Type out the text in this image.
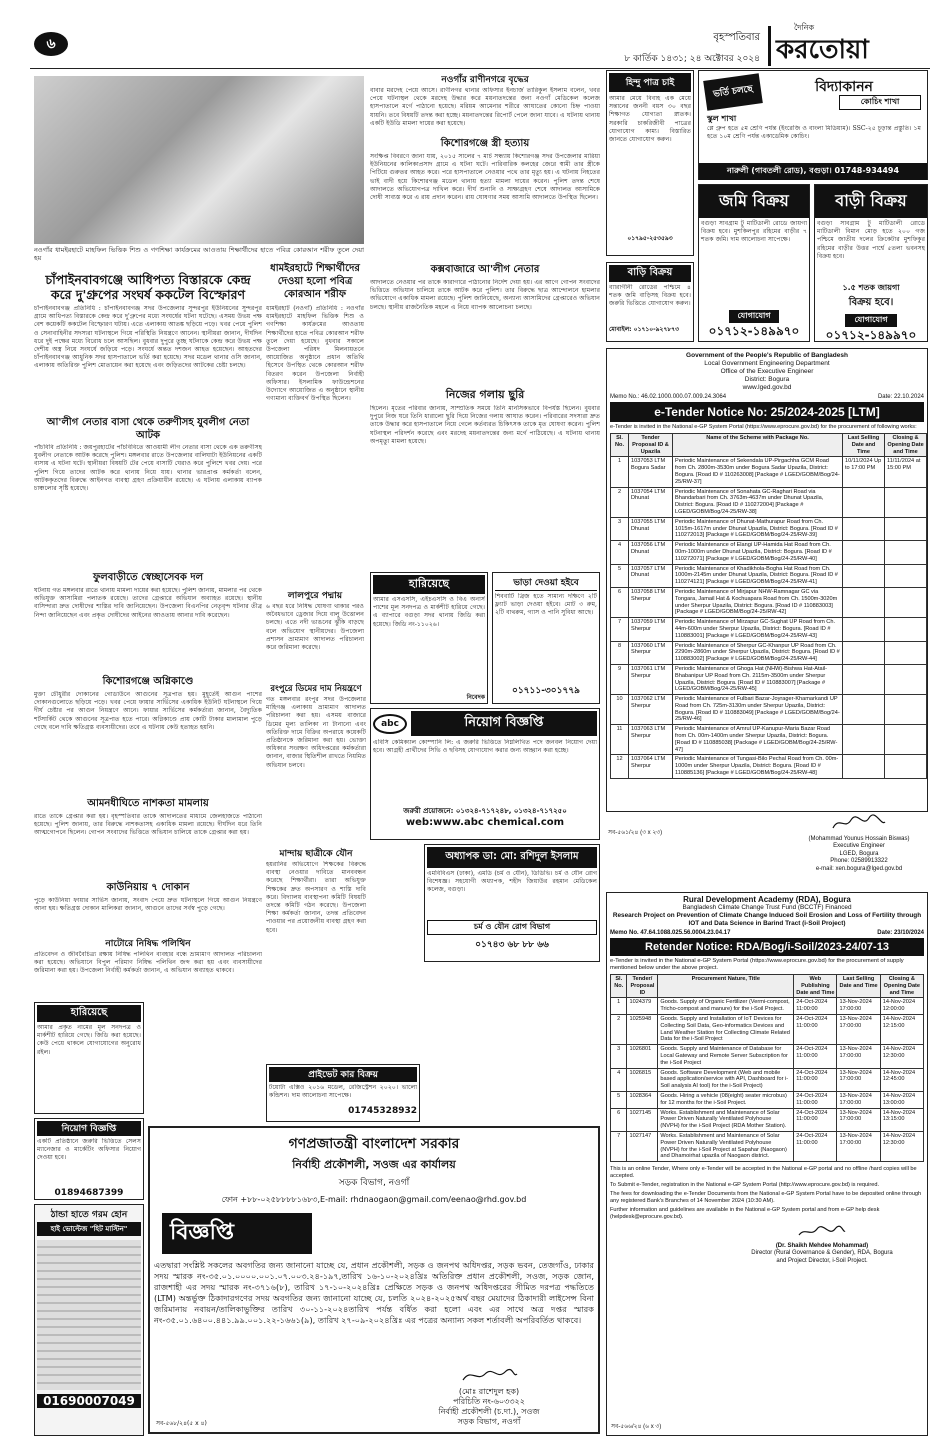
৬	বৃহস্পতিবার
৮ কার্তিক ১৪৩১; ২৪ অক্টোবর ২০২৪
দৈনিক
করতোয়া
নওগাঁর ধামইরহাটে মাহফিল ভিত্তিক শিশু ও গণশিক্ষা কার্যক্রমের আওতায় শিক্ষার্থীদের হাতে পবিত্র কোরআন শরীফ তুলে দেয়া হয়
নওগাঁর রাণীনগরে বৃদ্ধের
বাবার মরদেহ পেয়ে আসে। রাণীনগর থানার অফিসার ইনচার্জ তারিকুল ইসলাম বলেন, খবর পেয়ে ঘটনাস্থল থেকে মরদেহ উদ্ধার করে ময়নাতদন্তের জন্য নওগাঁ মেডিকেল কলেজ হাসপাতালে মর্গে পাঠানো হয়েছে। মরিয়ম আমেনার শরীরে আঘাতের কোনো চিহ্ন পাওয়া যায়নি। তবে বিষয়টি তদন্ত করা হচ্ছে। ময়নাতদন্তের রিপোর্ট পেলে জানা যাবে। এ ঘটনায় থানায় একটি ইউডি মামলা দায়ের করা হয়েছে।
কিশোরগঞ্জে স্ত্রী হত্যায়
সংক্ষিপ্ত বিবরণে জানা যায়, ২০১৫ সালের ৭ মার্চ সন্ধ্যায় কিশোরগঞ্জ সদর উপজেলার মারিয়া ইউনিয়নের কালিকাপ্রসাদ গ্রামে এ ঘটনা ঘটে। পারিবারিক কলহের জেরে স্বামী তার স্ত্রীকে পিটিয়ে গুরুতর আহত করে। পরে হাসপাতালে নেওয়ার পথে তার মৃত্যু হয়। এ ঘটনায় নিহতের ভাই বাদী হয়ে কিশোরগঞ্জ মডেল থানায় হত্যা মামলা দায়ের করেন। পুলিশ তদন্ত শেষে আদালতে অভিযোগপত্র দাখিল করে। দীর্ঘ শুনানি ও সাক্ষ্যগ্রহণ শেষে আদালত আসামিকে দোষী সাব্যস্ত করে এ রায় প্রদান করেন। রায় ঘোষণার সময় আসামি আদালতে উপস্থিত ছিলেন।
চাঁপাইনবাবগঞ্জে আধিপত্য বিস্তারকে কেন্দ্র করে দু'গ্রুপের সংঘর্ষ ককটেল বিস্ফোরণ
চাঁপাইনবাবগঞ্জ প্রতিনিধি : চাঁপাইনবাবগঞ্জ সদর উপজেলার সুন্দরপুর ইউনিয়নের সুন্দরপুর গ্রামে আধিপত্য বিস্তারকে কেন্দ্র করে দু'গ্রুপের মধ্যে সংঘর্ষের ঘটনা ঘটেছে। এসময় উভয় পক্ষ বেশ কয়েকটি ককটেল বিস্ফোরণ ঘটায়। এতে এলাকায় আতঙ্ক ছড়িয়ে পড়ে। খবর পেয়ে পুলিশ ও সেনাবাহিনীর সদস্যরা ঘটনাস্থলে গিয়ে পরিস্থিতি নিয়ন্ত্রণে আনেন। স্থানীয়রা জানান, দীর্ঘদিন ধরে দুই পক্ষের মধ্যে বিরোধ চলে আসছিল। বুধবার দুপুরে তুচ্ছ ঘটনাকে কেন্দ্র করে উভয় পক্ষ দেশীয় অস্ত্র নিয়ে সংঘর্ষে জড়িয়ে পড়ে। সংঘর্ষে অন্তত দশজন আহত হয়েছেন। আহতদের চাঁপাইনবাবগঞ্জ আধুনিক সদর হাসপাতালে ভর্তি করা হয়েছে। সদর মডেল থানার ওসি জানান, এলাকায় অতিরিক্ত পুলিশ মোতায়েন করা হয়েছে এবং জড়িতদের আটকের চেষ্টা চলছে।
ধামইরহাটে শিক্ষার্থীদের দেওয়া হলো পবিত্র কোরআন শরীফ
ধামইরহাট (নওগাঁ) প্রতিনিধি : নওগাঁর ধামইরহাটে মাহফিল ভিত্তিক শিশু ও গণশিক্ষা কার্যক্রমের আওতায় শিক্ষার্থীদের হাতে পবিত্র কোরআন শরীফ তুলে দেয়া হয়েছে। বুধবার সকালে উপজেলা পরিষদ মিলনায়তনে আয়োজিত অনুষ্ঠানে প্রধান অতিথি হিসেবে উপস্থিত থেকে কোরআন শরীফ বিতরণ করেন উপজেলা নির্বাহী অফিসার। ইসলামিক ফাউন্ডেশনের উদ্যোগে আয়োজিত এ অনুষ্ঠানে স্থানীয় গণ্যমান্য ব্যক্তিবর্গ উপস্থিত ছিলেন।
কক্সবাজারে আ'লীগ নেতার
আদালতে নেওয়ার পর তাকে কারাগারে পাঠানোর নির্দেশ দেয়া হয়। এর আগে গোপন সংবাদের ভিত্তিতে অভিযান চালিয়ে তাকে আটক করে পুলিশ। তার বিরুদ্ধে ছাত্র আন্দোলনে হামলার অভিযোগে একাধিক মামলা রয়েছে। পুলিশ জানিয়েছে, অন্যান্য আসামিদের গ্রেপ্তারেও অভিযান চলছে। স্থানীয় রাজনৈতিক মহলে এ নিয়ে ব্যাপক আলোচনা চলছে।
আ'লীগ নেতার বাসা থেকে তরুণীসহ যুবলীগ নেতা আটক
পাঁচবিবি প্রতিনিধি : জয়পুরহাটের পাঁচবিবিতে আওয়ামী লীগ নেতার বাসা থেকে এক তরুণীসহ যুবলীগ নেতাকে আটক করেছে পুলিশ। মঙ্গলবার রাতে উপজেলার বালিঘাটা ইউনিয়নের একটি বাসায় এ ঘটনা ঘটে। স্থানীয়রা বিষয়টি টের পেয়ে বাসাটি ঘেরাও করে পুলিশে খবর দেয়। পরে পুলিশ গিয়ে তাদের আটক করে থানায় নিয়ে যায়। থানার ভারপ্রাপ্ত কর্মকর্তা বলেন, আটককৃতদের বিরুদ্ধে আইনগত ব্যবস্থা গ্রহণ প্রক্রিয়াধীন রয়েছে। এ ঘটনায় এলাকায় ব্যাপক চাঞ্চল্যের সৃষ্টি হয়েছে।
নিজের গলায় ছুরি
ছিলেন। মৃতের পরিবার জানায়, সাম্প্রতিক সময়ে তিনি মানসিকভাবে বিপর্যস্ত ছিলেন। বুধবার দুপুরে নিজ ঘরে তিনি ধারালো ছুরি দিয়ে নিজের গলায় আঘাত করেন। পরিবারের সদস্যরা দ্রুত তাকে উদ্ধার করে হাসপাতালে নিয়ে গেলে কর্তব্যরত চিকিৎসক তাকে মৃত ঘোষণা করেন। পুলিশ ঘটনাস্থল পরিদর্শন করেছে এবং মরদেহ ময়নাতদন্তের জন্য মর্গে পাঠিয়েছে। এ ঘটনায় থানায় অপমৃত্যু মামলা হয়েছে।
ফুলবাড়ীতে স্বেচ্ছাসেবক দল
ঘটনায় গত মঙ্গলবার রাতে থানায় মামলা দায়ের করা হয়েছে। পুলিশ জানায়, মামলার পর থেকে অভিযুক্ত আসামিরা পলাতক রয়েছে। তাদের গ্রেপ্তারে অভিযান অব্যাহত রয়েছে। স্থানীয় বাসিন্দারা দ্রুত দোষীদের শাস্তির দাবি জানিয়েছেন। উপজেলা বিএনপির নেতৃবৃন্দ ঘটনার তীব্র নিন্দা জানিয়েছেন এবং প্রকৃত দোষীদের আইনের আওতায় আনার দাবি করেছেন।
লালপুরে পদ্মায়
৬ বছর ধরে নিষিদ্ধ ঘোষণা থাকার পরও অবৈধভাবে ড্রেজার দিয়ে বালু উত্তোলন চলছে। এতে নদী ভাঙনের ঝুঁকি বাড়ছে বলে অভিযোগ স্থানীয়দের। উপজেলা প্রশাসন ভ্রাম্যমাণ আদালত পরিচালনা করে জরিমানা করেছে।
কিশোরগঞ্জে অগ্নিকাণ্ডে
মুক্তা চৌধুরীর দোকানের গোডাউনে আগুনের সূত্রপাত হয়। মুহূর্তেই আগুন পাশের দোকানগুলোতে ছড়িয়ে পড়ে। খবর পেয়ে ফায়ার সার্ভিসের একাধিক ইউনিট ঘটনাস্থলে গিয়ে দীর্ঘ চেষ্টার পর আগুন নিয়ন্ত্রণে আনে। ফায়ার সার্ভিসের কর্মকর্তারা জানান, বৈদ্যুতিক শর্টসার্কিট থেকে আগুনের সূত্রপাত হতে পারে। অগ্নিকাণ্ডে প্রায় কোটি টাকার মালামাল পুড়ে গেছে বলে দাবি ক্ষতিগ্রস্ত ব্যবসায়ীদের। তবে এ ঘটনায় কেউ হতাহত হয়নি।
রংপুরে ডিমের দাম নিয়ন্ত্রণে
গত মঙ্গলবার রংপুর সদর উপজেলার মাহিগঞ্জ এলাকায় ভ্রাম্যমাণ আদালত পরিচালনা করা হয়। এসময় বাজারে ডিমের মূল্য তালিকা না টানানো এবং অতিরিক্ত দামে বিক্রির অপরাধে কয়েকটি প্রতিষ্ঠানকে জরিমানা করা হয়। ভোক্তা অধিকার সংরক্ষণ অধিদপ্তরের কর্মকর্তারা জানান, বাজার স্থিতিশীল রাখতে নিয়মিত অভিযান চলবে।
আমনধীঘিতে নাশকতা মামলায়
রাতে তাকে গ্রেপ্তার করা হয়। বৃহস্পতিবার তাকে আদালতের মাধ্যমে জেলহাজতে পাঠানো হয়েছে। পুলিশ জানায়, তার বিরুদ্ধে নাশকতাসহ একাধিক মামলা রয়েছে। দীর্ঘদিন ধরে তিনি আত্মগোপনে ছিলেন। গোপন সংবাদের ভিত্তিতে অভিযান চালিয়ে তাকে গ্রেপ্তার করা হয়।
মান্দায় ছাত্রীকে যৌন
হয়রানির অভিযোগে শিক্ষকের বিরুদ্ধে ব্যবস্থা নেওয়ার দাবিতে মানববন্ধন করেছে শিক্ষার্থীরা। তারা অভিযুক্ত শিক্ষকের দ্রুত অপসারণ ও শাস্তি দাবি করে। বিদ্যালয় ব্যবস্থাপনা কমিটি বিষয়টি তদন্তে কমিটি গঠন করেছে। উপজেলা শিক্ষা কর্মকর্তা জানান, তদন্ত প্রতিবেদন পাওয়ার পর প্রয়োজনীয় ব্যবস্থা গ্রহণ করা হবে।
কাউনিয়ায় ৭ দোকান
পুড়ে কাউনিয়া ফায়ার সার্ভিস জানায়, সংবাদ পেয়ে দ্রুত ঘটনাস্থলে গিয়ে আগুন নিয়ন্ত্রণে আনা হয়। ক্ষতিগ্রস্ত দোকান মালিকরা জানান, আগুনে তাদের সর্বস্ব পুড়ে গেছে।
নাটোরে নিষিদ্ধ পলিথিন
প্রতিবেদন ও জীববৈচিত্র্য রক্ষায় নিষিদ্ধ পলিথিন ব্যবহার বন্ধে ভ্রাম্যমাণ আদালত পরিচালনা করা হয়েছে। অভিযানে বিপুল পরিমাণ নিষিদ্ধ পলিথিন জব্দ করা হয় এবং ব্যবসায়ীদের জরিমানা করা হয়। উপজেলা নির্বাহী কর্মকর্তা জানান, এ অভিযান অব্যাহত থাকবে।
হিন্দু পাত্র চাই
আমার মেয়ে বিবাহ এক মেয়ে সন্তানের জননী বয়স ৩০ বছর শিক্ষাগত যোগ্যতা স্নাতক। সরকারি চাকরিজীবী পাত্রের যোগাযোগ কাম্য। বিস্তারিত জানতে যোগাযোগ করুন।
০১৭৯৫-২৫৩৫৯৩
ভর্তি চলছে	বিদ্যাকানন
কোচিং শাখা
স্কুল শাখা
প্লে গ্রুপ হতে ৫ম শ্রেণি পর্যন্ত (ইংরেজি ও বাংলা মিডিয়াম)। SSC-২৫ চূড়ান্ত প্রস্তুতি। ১ম হতে ১০ম শ্রেণি পর্যন্ত একাডেমিক কোচিং।
নারুলী (গাবতলী রোড), বগুড়া। 01748-934494
জমি বিক্রয়
বগুড়া সাবগ্রাম টু মাটিডালী রোডে জায়গা বিক্রয় হবে। মুশকিলপুর রহিমের বাড়ীর ৭ শতক জমি। দাম আলোচনা সাপেক্ষে।
যোগাযোগ
০১৭১২-১৪৯৯৭০
বাড়ী বিক্রয়
বগুড়া সাবগ্রাম টু মাটিডালী রোডে মাটিডালী বিমান মোড় হতে ২০০ গজ পশ্চিমে জাতীয় দলের ক্রিকেটার মুশফিকুর রহিমের বাড়ীর উত্তর পার্শ্বে ৫তলা ভবনসহ বিক্রয় হবে।
১.৫ শতক জায়গা
বিক্রয় হবে।
যোগাযোগ
০১৭১২-১৪৯৯৭০
বাড়ি বিক্রয়
ব্যারাগীনী রোডের পশ্চিমে ৪ শতক জমি বাড়িসহ বিক্রয় হবে। জরুরি ভিত্তিতে যোগাযোগ করুন।
মোবাইল: ০১৭১০-৯২৭৮৭৩
Government of the People's Republic of Bangladesh
Local Government Engineering Department
Office of the Executive Engineer
District: Bogura
www.lged.gov.bd
Memo No.: 46.02.1000.000.07.009.24.3064	Date: 22.10.2024
e-Tender Notice No: 25/2024-2025 [LTM]
e-Tender is invited in the National e-GP System Portal (https://www.eprocure.gov.bd) for the procurement of following works:
Sl. No.	Tender Proposal ID & Upazila	Name of the Scheme with Package No.	Last Selling Date and Time	Closing & Opening Date and Time
1	1037053 LTM Bogura Sadar	Periodic Maintenance of Sekendala UP-Pirgachha GCM Road from Ch. 2800m-3530m under Bogura Sadar Upazila, District: Bogura. [Road ID # 110263008] [Package # LGED/GOBM/Bog/24-25/RW-37]	10/11/2024 Up to 17:00 PM	11/11/2024 at 15:00 PM
2	1037054 LTM Dhunat	Periodic Maintenance of Sonahata GC-Raghari Road via Bhandarbari from Ch. 3763m-4637m under Dhunat Upazila, District: Bogura. [Road ID # 110272004] [Package # LGED/GOBM/Bog/24-25/RW-38]		
3	1037055 LTM Dhunat	Periodic Maintenance of Dhunat-Mathurapur Road from Ch. 1015m-1617m under Dhunat Upazila, District: Bogura. [Road ID # 110272013] [Package # LGED/GOBM/Bog/24-25/RW-39]		
4	1037056 LTM Dhunat	Periodic Maintenance of Elangi UP-Hamida Hat Road from Ch. 00m-1000m under Dhunat Upazila, District: Bogura. [Road ID # 110272071] [Package # LGED/GOBM/Bog/24-25/RW-40]		
5	1037057 LTM Dhunat	Periodic Maintenance of Khadikhola-Bogha Hat Road from Ch. 1000m-2145m under Dhunat Upazila, District: Bogura. [Road ID # 110274121] [Package # LGED/GOBM/Bog/24-25/RW-41]		
6	1037058 LTM Sherpur	Periodic Maintenance of Mirjapur NHW-Ramnagar GC via Tongara, Jamail Hat & Kochuapara Road from Ch. 1500m-3020m under Sherpur Upazila, District: Bogura. [Road ID # 110883003] [Package # LGED/GOBM/Bog/24-25/RW-42]		
7	1037059 LTM Sherpur	Periodic Maintenance of Mirzapur GC-Sughat UP Road from Ch. 44m-600m under Sherpur Upazila, District: Bogura. [Road ID # 110883001] [Package # LGED/GOBM/Bog/24-25/RW-43]		
8	1037060 LTM Sherpur	Periodic Maintenance of Sherpur GC-Khanpur UP Road from Ch. 2290m-2860m under Sherpur Upazila, District: Bogura. [Road ID # 110883002] [Package # LGED/GOBM/Bog/24-25/RW-44]		
9	1037061 LTM Sherpur	Periodic Maintenance of Ghoga Hat (NHW)-Bishwa Hat-Atail-Bhabanipur UP Road from Ch. 2115m-3500m under Sherpur Upazila, District: Bogura. [Road ID # 110883007] [Package # LGED/GOBM/Bog/24-25/RW-45]		
10	1037062 LTM Sherpur	Periodic Maintenance of Fulbari Bazar-Joyrager-Khamarkandi UP Road from Ch. 725m-3130m under Sherpur Upazila, District: Bogura. [Road ID # 110883049] [Package # LGED/GOBM/Bog/24-25/RW-46]		
11	1037063 LTM Sherpur	Periodic Maintenance of Amrul UP-Kanupur-Maria Bazar Road from Ch. 00m-1400m under Sherpur Upazila, District: Bogura. [Road ID # 110885038] [Package # LGED/GOBM/Bog/24-25/RW-47]		
12	1037064 LTM Sherpur	Periodic Maintenance of Tungasi-Bilo Pechal Road from Ch. 00m-1000m under Sherpur Upazila, District: Bogura. [Road ID # 110885136] [Package # LGED/GOBM/Bog/24-25/RW-48]		
(Mohammad Younus Hossain Biswas)
Executive Engineer
LGED, Bogura
Phone: 02589913322
e-mail: xen.bogura@lged.gov.bd
সব-৫৬১/২৪ (৩ x ২৩)
হারিয়েছে
আমার এসএসসি, এইচএসসি ও বিএ অনার্স পাশের মূল সনদপত্র ও মার্কশীট হারিয়ে গেছে। এ ব্যাপারে বগুড়া সদর থানায় জিডি করা হয়েছে। জিডি নং-১১০২৬।
নিবেদক
ভাড়া দেওয়া হইবে
শিববাটি ব্রিজ হতে সামান্য দক্ষিণে ২টি ফ্ল্যাট ভাড়া দেওয়া হইবে। মোট ৩ রুম, ২টি বাথরুম, গ্যাস ও পানি সুবিধা আছে।
০১৭১১-৩০১৭৭৯
abc	নিয়োগ বিজ্ঞপ্তি
এবিসি কেমিক্যাল কোম্পানি লি: এ জরুরি ভিত্তিতে নিম্নলিখিত পদে জনবল নিয়োগ দেয়া হবে। আগ্রহী প্রার্থীদের সিভি ও ছবিসহ যোগাযোগ করার জন্য আহ্বান করা হচ্ছে।
জরুরী প্রয়োজনে: ০১৩২৪-৭১৭২৪৮, ০১৩২৪-৭১৭২৫০
web:www.abc chemical.com
অধ্যাপক ডা: মো: রশিদুল ইসলাম
এমবিবিএস (ঢাকা), এমডি (চর্ম ও যৌন), ডিডিভি। চর্ম ও যৌন রোগ বিশেষজ্ঞ। সহযোগী অধ্যাপক, শহীদ জিয়াউর রহমান মেডিকেল কলেজ, বগুড়া।
চর্ম ও যৌন রোগ বিভাগ
০১৭৪৩ ৬৮ ৮৮ ৬৬
প্রাইভেট কার বিক্রয়
টয়োটা এক্সিও ২০১৬ মডেল, রেজিস্ট্রেশন ২০২০। ভালো কন্ডিশন। দাম আলোচনা সাপেক্ষে।
01745328932
হারিয়েছে
আমার প্রকৃত নামের মূল সনদপত্র ও মার্কশীট হারিয়ে গেছে। জিডি করা হয়েছে। কেউ পেয়ে থাকলে যোগাযোগের অনুরোধ রইল।
নিয়োগ বিজ্ঞপ্তি
একটি প্রতিষ্ঠানে জরুরি ভিত্তিতে সেলস ম্যানেজার ও মার্কেটিং অফিসার নিয়োগ দেওয়া হবে।
01894687399
ঠান্ডা হাতে গরম হোন
হাই ভোল্টেজ "হিট মাস্টিন"
01690007049
গণপ্রজাতন্ত্রী বাংলাদেশ সরকার
নির্বাহী প্রকৌশলী, সওজ এর কার্যালয়
সড়ক বিভাগ, নওগাঁ
ফোন +৮৮-০২৫৮৮৮৮১৬৮৩,E-mail: rhdnaogaon@gmail.com/eenao@rhd.gov.bd
বিজ্ঞপ্তি
এতদ্বারা সংশ্লিষ্ট সকলের অবগতির জন্য জানানো যাচ্ছে যে, প্রধান প্রকৌশলী, সড়ক ও জনপথ অধিদপ্তর, সড়ক ভবন, তেজগাঁও, ঢাকার সদয় স্মারক নং-৩৫.০১.০০০০.০০১.০৭.০০৩.২৪-১৯৭,তারিখ ১৬-১০-২০২৪খ্রিঃ অতিরিক্ত প্রধান প্রকৌশলী, সওজ, সড়ক জোন, রাজশাহী এর সদয় স্মারক নং-৩৭১৬(৮), তারিখ ১৭-১০-২০২৪খ্রিঃ প্রেক্ষিতে সড়ক ও জনপথ অধিদপ্তরের সীমিত দরপত্র পদ্ধতিতে (LTM) অন্তর্ভুক্ত ঠিকাদারগণের সদয় অবগতির জন্য জানানো যাচ্ছে যে, চলতি ২০২৪-২০২৫অর্থ বছর মেয়াদের ঠিকাদারী লাইসেন্স বিনা জরিমানায় নবায়ন/তালিকাভুক্তির তারিখ ৩০-১১-২০২৪তারিখ পর্যন্ত বর্ধিত করা হলো এবং এর সাথে অত্র দপ্তর স্মারক নং-৩৫.০১.৬৪০০.৪৪১.৯৯.০০১.২২-১৬৬১(৯), তারিখ ২৭-০৯-২০২৪খ্রিঃ এর পত্রের অন্যান্য সকল শর্তাবলী অপরিবর্তিত থাকবে।
(মোঃ রাশেদুল হক)
পরিচিতি নং-৬০৩৩২২
নির্বাহী প্রকৌশলী (চ.দা.), সওজ
সড়ক বিভাগ, নওগাঁ
সব-৫৬৮/২৪(৫ x ৪)
Rural Development Academy (RDA), Bogura
Bangladesh Climate Change Trust Fund (BCCTF) Financed
Research Project on Prevention of Climate Change Induced Soil Erosion and Loss of Fertility through IOT and Data Science in Barind Tract (i-Soil Project)
Memo No. 47.64.1088.025.56.0004.23.04.17	Date: 23/10/2024
Retender Notice: RDA/Bog/i-Soil/2023-24/07-13
e-Tender is invited in the National e-GP System Portal (https://www.eprocure.gov.bd) for the procurement of supply mentioned below under the above project.
Sl. No.	Tender/ Proposal ID	Procurement Nature, Title	Web Publishing Date and Time	Last Selling Date and Time	Closing & Opening Date and Time
1	1024379	Goods. Supply of Organic Fertilizer (Vermi-compost, Tricho-compost and manure) for the i-Soil Project.	24-Oct-2024 11:00:00	13-Nov-2024 17:00:00	14-Nov-2024 12:00:00
2	1025948	Goods. Supply and Installation of IoT Devices for Collecting Soil Data, Geo-informatics Devices and Land Weather Station for Collecting Climate Related Data for the i-Soil Project	24-Oct-2024 11:00:00	13-Nov-2024 17:00:00	14-Nov-2024 12:15:00
3	1026801	Goods. Supply and Maintenance of Database for Local Gateway and Remote Server Subscription for the i-Soil Project	24-Oct-2024 11:00:00	13-Nov-2024 17:00:00	14-Nov-2024 12:30:00
4	1026815	Goods. Software Development (Web and mobile based application/service with API, Dashboard for i-Soil analysis AI tool) for the i-Soil Project)	24-Oct-2024 11:00:00	13-Nov-2024 17:00:00	14-Nov-2024 12:45:00
5	1028364	Goods. Hiring a vehicle (08(eight) seater microbus) for 12 months for the i-Soil Project.	24-Oct-2024 11:00:00	13-Nov-2024 17:00:00	14-Nov-2024 13:00:00
6	1027145	Works. Establishment and Maintenance of Solar Power Driven Naturally Ventilated Polyhouse (NVPH) for the i-Soil Project (RDA Mother Station).	24-Oct-2024 11:00:00	13-Nov-2024 17:00:00	14-Nov-2024 13:15:00
7	1027147	Works. Establishment and Maintenance of Solar Power Driven Naturally Ventilated Polyhouse (NVPH) for the i-Soil Project at Sapahar (Naogaon) and Dhamoirhat upazila of Naogaon district.	24-Oct-2024 11:00:00	13-Nov-2024 17:00:00	14-Nov-2024 12:30:00
This is an online Tender, Where only e-Tender will be accepted in the National e-GP portal and no offline /hard copies will be accepted.
To Submit e-Tender, registration in the National e-GP System Portal (http://www.eprocure.gov.bd) is required.
The fees for downloading the e-Tender Documents from the National e-GP System Portal have to be deposited online through any registered Bank's Branches of 14 November 2024 (10:30 AM).
Further information and guidelines are available in the National e-GP System portal and from e-GP help desk (helpdesk@eprocure.gov.bd).
(Dr. Shaikh Mehdee Mohammad)
Director (Rural Governance & Gender), RDA, Bogura
and Project Director, i-Soil Project.
সব-৫৬৬/২৪ (৬ x ৩)
